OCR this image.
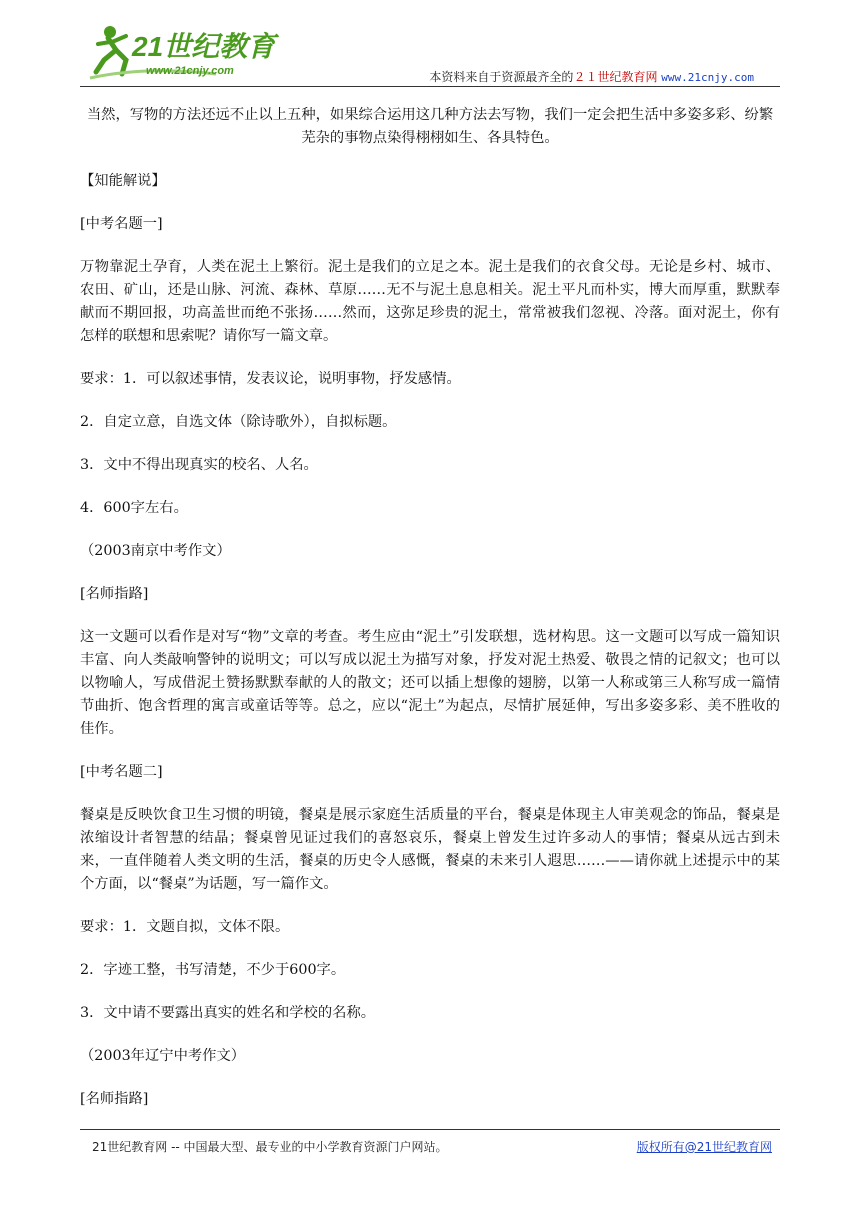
21世纪教育
www.21cnjy.com	本资料来自于资源最齐全的２１世纪教育网 www.21cnjy.com

当然，写物的方法还远不止以上五种，如果综合运用这几种方法去写物，我们一定会把生活中多姿多彩、纷繁芜杂的事物点染得栩栩如生、各具特色。

【知能解说】

[中考名题一]

万物靠泥土孕育，人类在泥土上繁衍。泥土是我们的立足之本。泥土是我们的衣食父母。无论是乡村、城市、农田、矿山，还是山脉、河流、森林、草原……无不与泥土息息相关。泥土平凡而朴实，博大而厚重，默默奉献而不期回报，功高盖世而绝不张扬……然而，这弥足珍贵的泥土，常常被我们忽视、冷落。面对泥土，你有怎样的联想和思索呢？请你写一篇文章。

要求：1．可以叙述事情，发表议论，说明事物，抒发感情。

2．自定立意，自选文体（除诗歌外），自拟标题。

3．文中不得出现真实的校名、人名。

4．600字左右。

（2003南京中考作文）

[名师指路]

这一文题可以看作是对写“物”文章的考查。考生应由“泥土”引发联想，选材构思。这一文题可以写成一篇知识丰富、向人类敲响警钟的说明文；可以写成以泥土为描写对象，抒发对泥土热爱、敬畏之情的记叙文；也可以以物喻人，写成借泥土赞扬默默奉献的人的散文；还可以插上想像的翅膀，以第一人称或第三人称写成一篇情节曲折、饱含哲理的寓言或童话等等。总之，应以“泥土”为起点，尽情扩展延伸，写出多姿多彩、美不胜收的佳作。

[中考名题二]

餐桌是反映饮食卫生习惯的明镜，餐桌是展示家庭生活质量的平台，餐桌是体现主人审美观念的饰品，餐桌是浓缩设计者智慧的结晶；餐桌曾见证过我们的喜怒哀乐，餐桌上曾发生过许多动人的事情；餐桌从远古到未来，一直伴随着人类文明的生活，餐桌的历史令人感慨，餐桌的未来引人遐思……——请你就上述提示中的某个方面，以“餐桌”为话题，写一篇作文。

要求：1．文题自拟，文体不限。

2．字迹工整，书写清楚，不少于600字。

3．文中请不要露出真实的姓名和学校的名称。

（2003年辽宁中考作文）

[名师指路]

21世纪教育网 -- 中国最大型、最专业的中小学教育资源门户网站。	版权所有@21世纪教育网
